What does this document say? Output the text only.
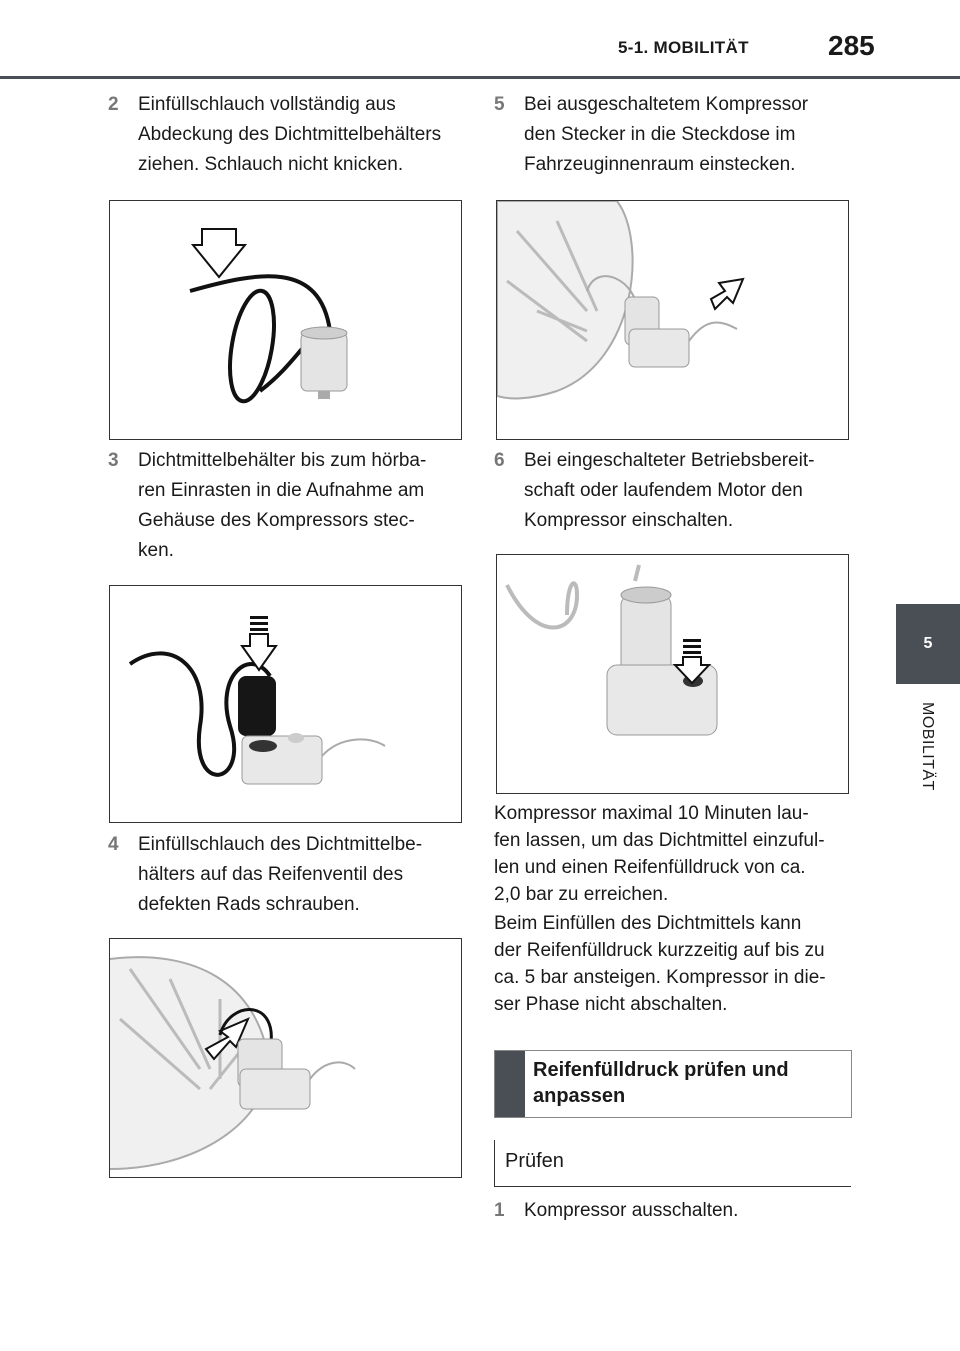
5-1. MOBILITÄT	285
5
MOBILITÄT
2 Einfüllschlauch vollständig aus
Abdeckung des Dichtmittelbehälters
ziehen. Schlauch nicht knicken.
3 Dichtmittelbehälter bis zum hörba-
ren Einrasten in die Aufnahme am
Gehäuse des Kompressors stec-
ken.
4 Einfüllschlauch des Dichtmittelbe-
hälters auf das Reifenventil des
defekten Rads schrauben.
5 Bei ausgeschaltetem Kompressor
den Stecker in die Steckdose im
Fahrzeuginnenraum einstecken.
6 Bei eingeschalteter Betriebsbereit-
schaft oder laufendem Motor den
Kompressor einschalten.
Kompressor maximal 10 Minuten lau-
fen lassen, um das Dichtmittel einzuful-
len und einen Reifenfülldruck von ca.
2,0 bar zu erreichen.
Beim Einfüllen des Dichtmittels kann
der Reifenfülldruck kurzzeitig auf bis zu
ca. 5 bar ansteigen. Kompressor in die-
ser Phase nicht abschalten.
Reifenfülldruck prüfen und
anpassen
Prüfen
1 Kompressor ausschalten.
